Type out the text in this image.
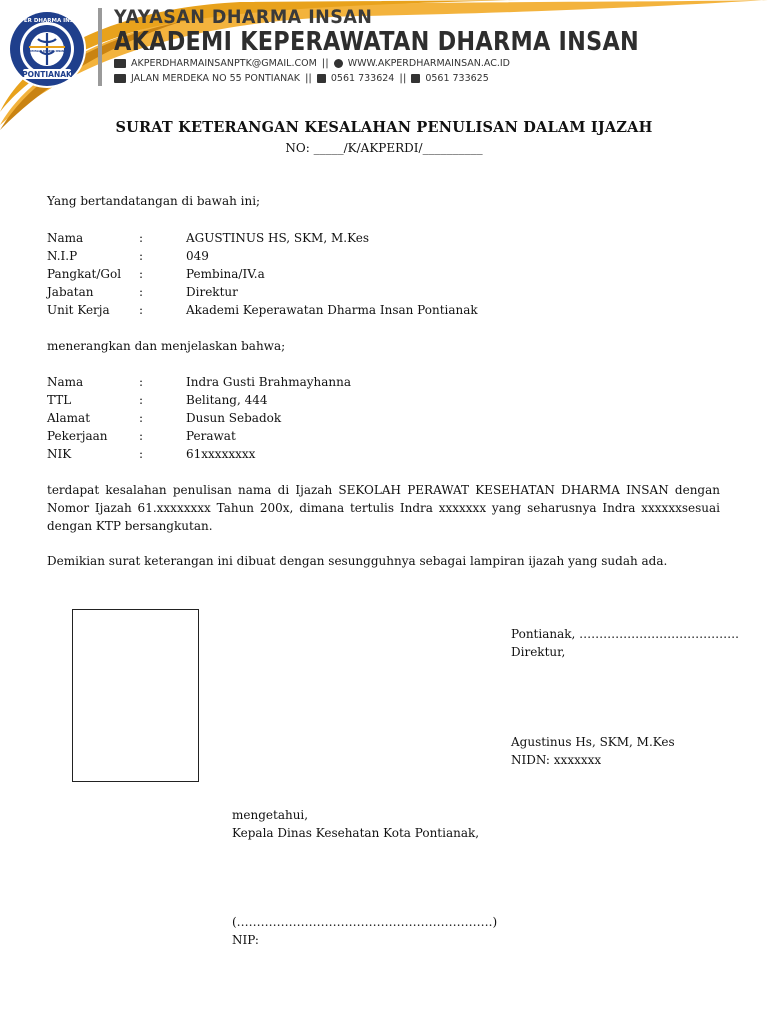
PONTIANAK
AKPER DHARMA INSAN
YAYASAN DHARMA INSAN
YAYASAN DHARMA INSAN
AKADEMI KEPERAWATAN DHARMA INSAN
AKPERDHARMAINSANPTK@GMAIL.COM || WWW.AKPERDHARMAINSAN.AC.ID
JALAN MERDEKA NO 55 PONTIANAK || 0561 733624 || 0561 733625
SURAT KETERANGAN KESALAHAN PENULISAN DALAM IJAZAH
NO: _____/K/AKPERDI/__________
Yang bertandatangan di bawah ini;
Nama	:	AGUSTINUS HS, SKM, M.Kes
N.I.P	:	049
Pangkat/Gol	:	Pembina/IV.a
Jabatan	:	Direktur
Unit Kerja	:	Akademi Keperawatan Dharma Insan Pontianak
menerangkan dan menjelaskan bahwa;
Nama	:	Indra Gusti Brahmayhanna
TTL	:	Belitang, 444
Alamat	:	Dusun Sebadok
Pekerjaan	:	Perawat
NIK	:	61xxxxxxxx
terdapat kesalahan penulisan nama di Ijazah SEKOLAH PERAWAT KESEHATAN DHARMA INSAN dengan Nomor Ijazah 61.xxxxxxxx Tahun 200x, dimana tertulis Indra xxxxxxx yang seharusnya Indra xxxxxxsesuai dengan KTP bersangkutan.
Demikian surat keterangan ini dibuat dengan sesungguhnya sebagai lampiran ijazah yang sudah ada.
Pontianak, ………………………………….
Direktur,
Agustinus Hs, SKM, M.Kes
NIDN: xxxxxxx
mengetahui,
Kepala Dinas Kesehatan Kota Pontianak,
(……………………………………………………….)
NIP:
